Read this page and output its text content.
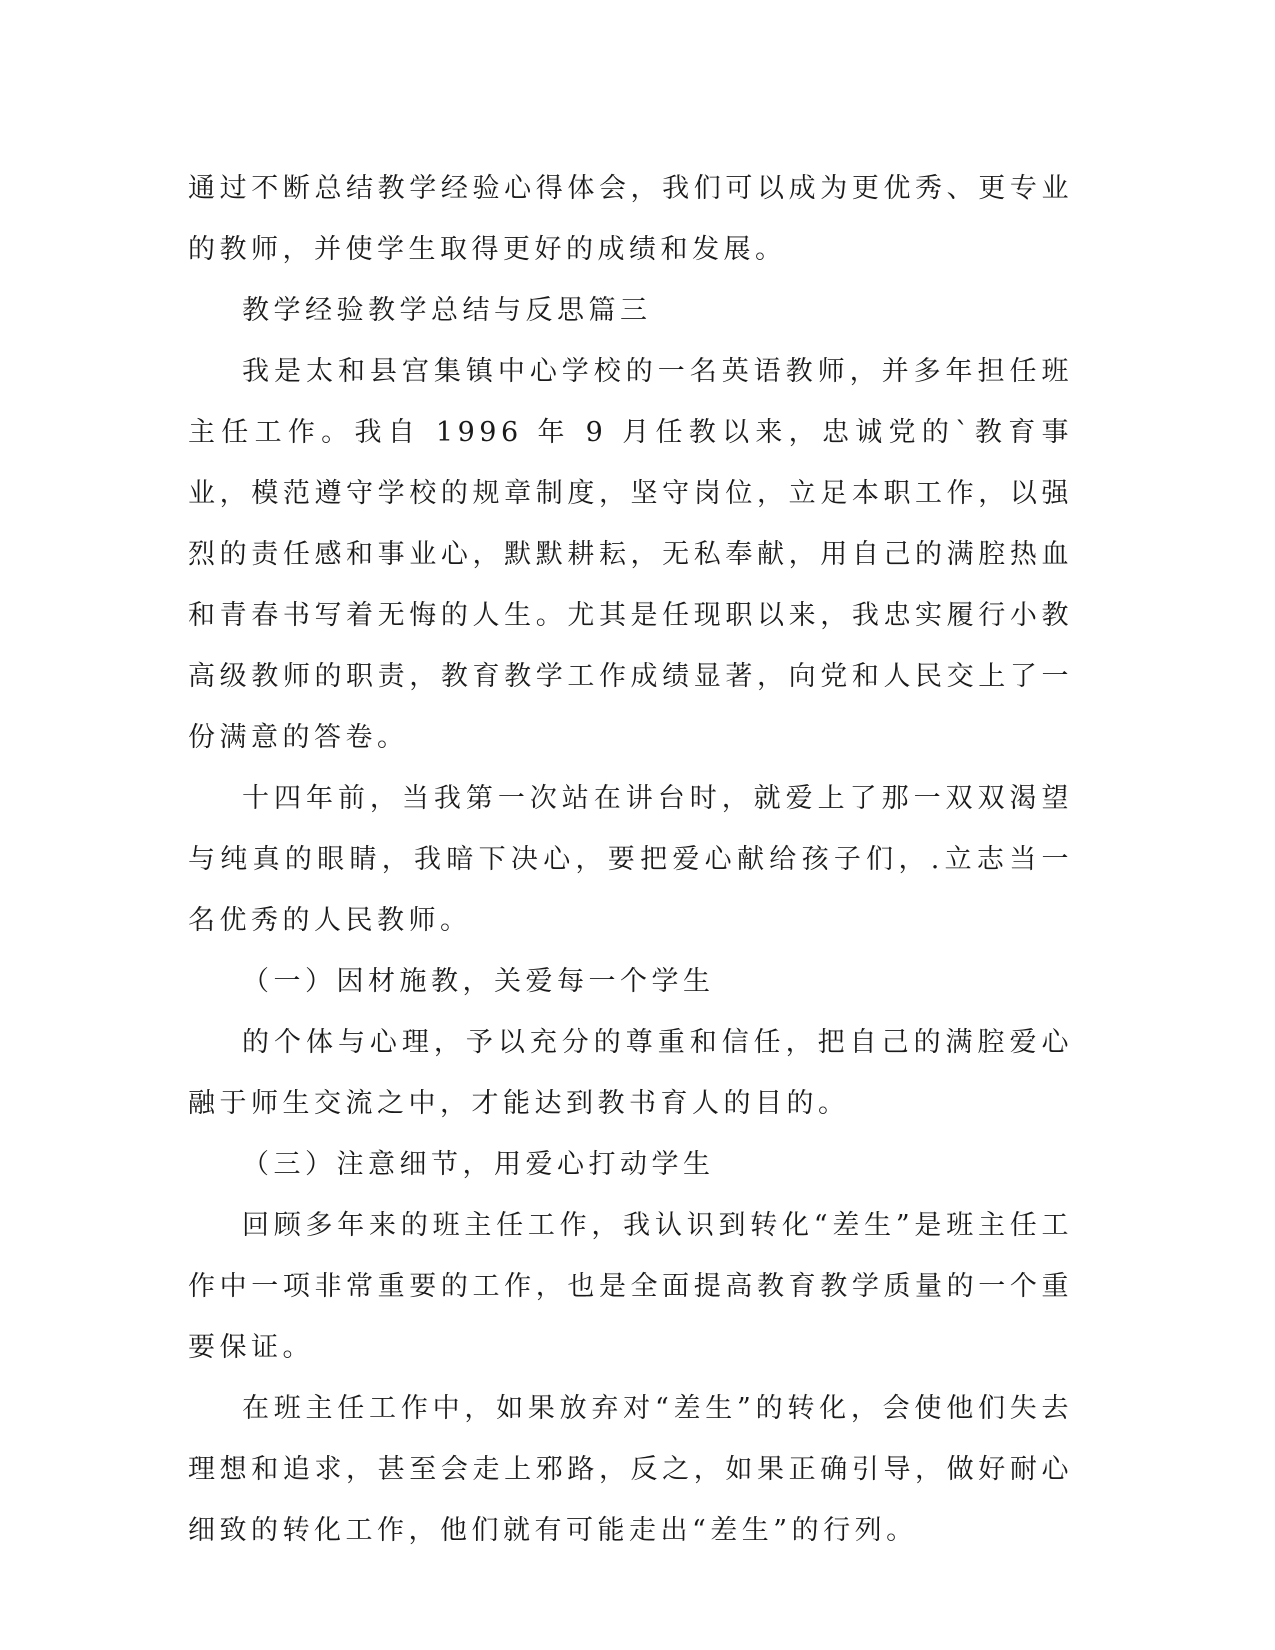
通过不断总结教学经验心得体会，我们可以成为更优秀、更专业的教师，并使学生取得更好的成绩和发展。

教学经验教学总结与反思篇三

我是太和县宫集镇中心学校的一名英语教师，并多年担任班主任工作。我自 1996 年 9 月任教以来，忠诚党的`教育事业，模范遵守学校的规章制度，坚守岗位，立足本职工作，以强烈的责任感和事业心，默默耕耘，无私奉献，用自己的满腔热血和青春书写着无悔的人生。尤其是任现职以来，我忠实履行小教高级教师的职责，教育教学工作成绩显著，向党和人民交上了一份满意的答卷。

十四年前，当我第一次站在讲台时，就爱上了那一双双渴望与纯真的眼睛，我暗下决心，要把爱心献给孩子们，.立志当一名优秀的人民教师。

（一）因材施教，关爱每一个学生

的个体与心理，予以充分的尊重和信任，把自己的满腔爱心融于师生交流之中，才能达到教书育人的目的。

（三）注意细节，用爱心打动学生

回顾多年来的班主任工作，我认识到转化“差生”是班主任工作中一项非常重要的工作，也是全面提高教育教学质量的一个重要保证。

在班主任工作中，如果放弃对“差生”的转化，会使他们失去理想和追求，甚至会走上邪路，反之，如果正确引导，做好耐心细致的转化工作，他们就有可能走出“差生”的行列。
